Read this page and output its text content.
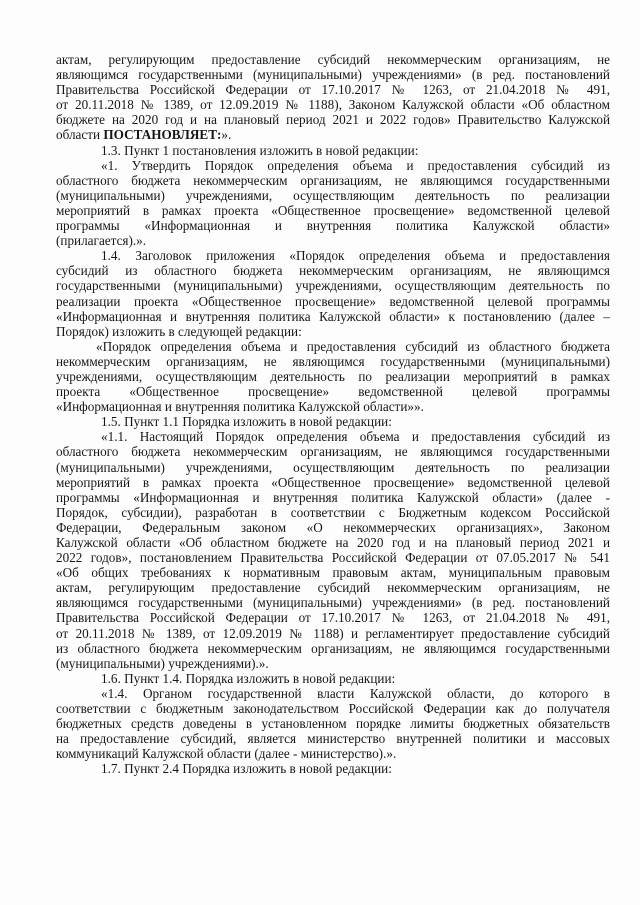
актам, регулирующим предоставление субсидий некоммерческим организациям, не
являющимся государственными (муниципальными) учреждениями» (в ред. постановлений
Правительства Российской Федерации от 17.10.2017 № 1263, от 21.04.2018 № 491,
от 20.11.2018 № 1389, от 12.09.2019 № 1188), Законом Калужской области «Об областном
бюджете на 2020 год и на плановый период 2021 и 2022 годов» Правительство Калужской
области ПОСТАНОВЛЯЕТ:».
1.3. Пункт 1 постановления изложить в новой редакции:
«1. Утвердить Порядок определения объема и предоставления субсидий из
областного бюджета некоммерческим организациям, не являющимся государственными
(муниципальными) учреждениями, осуществляющим деятельность по реализации
мероприятий в рамках проекта «Общественное просвещение» ведомственной целевой
программы «Информационная и внутренняя политика Калужской области»
(прилагается).».
1.4. Заголовок приложения «Порядок определения объема и предоставления
субсидий из областного бюджета некоммерческим организациям, не являющимся
государственными (муниципальными) учреждениями, осуществляющим деятельность по
реализации проекта «Общественное просвещение» ведомственной целевой программы
«Информационная и внутренняя политика Калужской области» к постановлению (далее –
Порядок) изложить в следующей редакции:
«Порядок определения объема и предоставления субсидий из областного бюджета
некоммерческим организациям, не являющимся государственными (муниципальными)
учреждениями, осуществляющим деятельность по реализации мероприятий в рамках
проекта «Общественное просвещение» ведомственной целевой программы
«Информационная и внутренняя политика Калужской области»».
1.5. Пункт 1.1 Порядка изложить в новой редакции:
«1.1. Настоящий Порядок определения объема и предоставления субсидий из
областного бюджета некоммерческим организациям, не являющимся государственными
(муниципальными) учреждениями, осуществляющим деятельность по реализации
мероприятий в рамках проекта «Общественное просвещение» ведомственной целевой
программы «Информационная и внутренняя политика Калужской области» (далее -
Порядок, субсидии), разработан в соответствии с Бюджетным кодексом Российской
Федерации, Федеральным законом «О некоммерческих организациях», Законом
Калужской области «Об областном бюджете на 2020 год и на плановый период 2021 и
2022 годов», постановлением Правительства Российской Федерации от 07.05.2017 № 541
«Об общих требованиях к нормативным правовым актам, муниципальным правовым
актам, регулирующим предоставление субсидий некоммерческим организациям, не
являющимся государственными (муниципальными) учреждениями» (в ред. постановлений
Правительства Российской Федерации от 17.10.2017 № 1263, от 21.04.2018 № 491,
от 20.11.2018 № 1389, от 12.09.2019 № 1188) и регламентирует предоставление субсидий
из областного бюджета некоммерческим организациям, не являющимся государственными
(муниципальными) учреждениями).».
1.6. Пункт 1.4. Порядка изложить в новой редакции:
«1.4. Органом государственной власти Калужской области, до которого в
соответствии с бюджетным законодательством Российской Федерации как до получателя
бюджетных средств доведены в установленном порядке лимиты бюджетных обязательств
на предоставление субсидий, является министерство внутренней политики и массовых
коммуникаций Калужской области (далее - министерство).».
1.7. Пункт 2.4 Порядка изложить в новой редакции:
